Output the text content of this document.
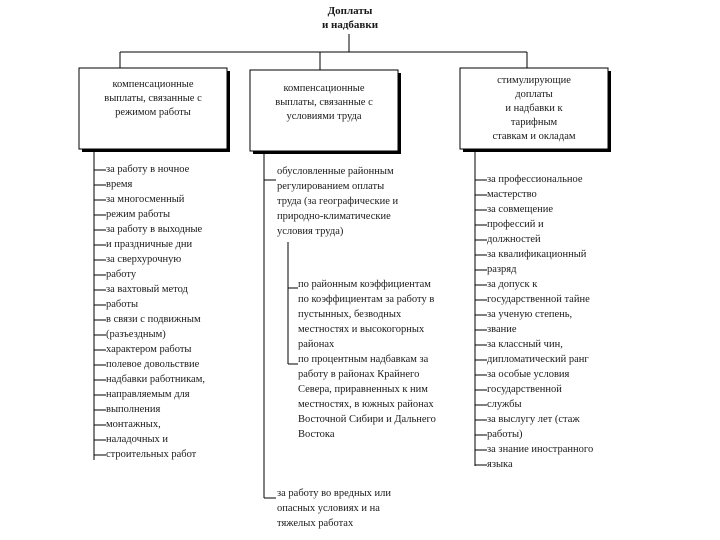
Доплаты
и надбавки
компенсационные
выплаты, связанные с
режимом работы
компенсационные
выплаты, связанные с
условиями труда
стимулирующие
доплаты
и надбавки к
тарифным
ставкам и окладам
за работу в ночное
время
за многосменный
режим работы
за работу в выходные
и праздничные дни
за сверхурочную
работу
за вахтовый метод
работы
в связи с подвижным
(разъездным)
характером работы
полевое довольствие
надбавки работникам,
направляемым для
выполнения
монтажных,
наладочных и
строительных работ
обусловленные районным
регулированием оплаты
труда (за географические и
природно-климатические
условия труда)
по районным коэффициентам
по коэффициентам за работу в
пустынных, безводных
местностях и высокогорных
районах
по процентным надбавкам за
работу в районах Крайнего
Севера, приравненных к ним
местностях, в южных районах
Восточной Сибири и Дальнего
Востока
за работу во вредных или
опасных условиях и на
тяжелых работах
за профессиональное
мастерство
за совмещение
профессий и
должностей
за квалификационный
разряд
за допуск к
государственной тайне
за ученую степень,
звание
за классный чин,
дипломатический ранг
за особые условия
государственной
службы
за выслугу лет (стаж
работы)
за знание иностранного
языка
